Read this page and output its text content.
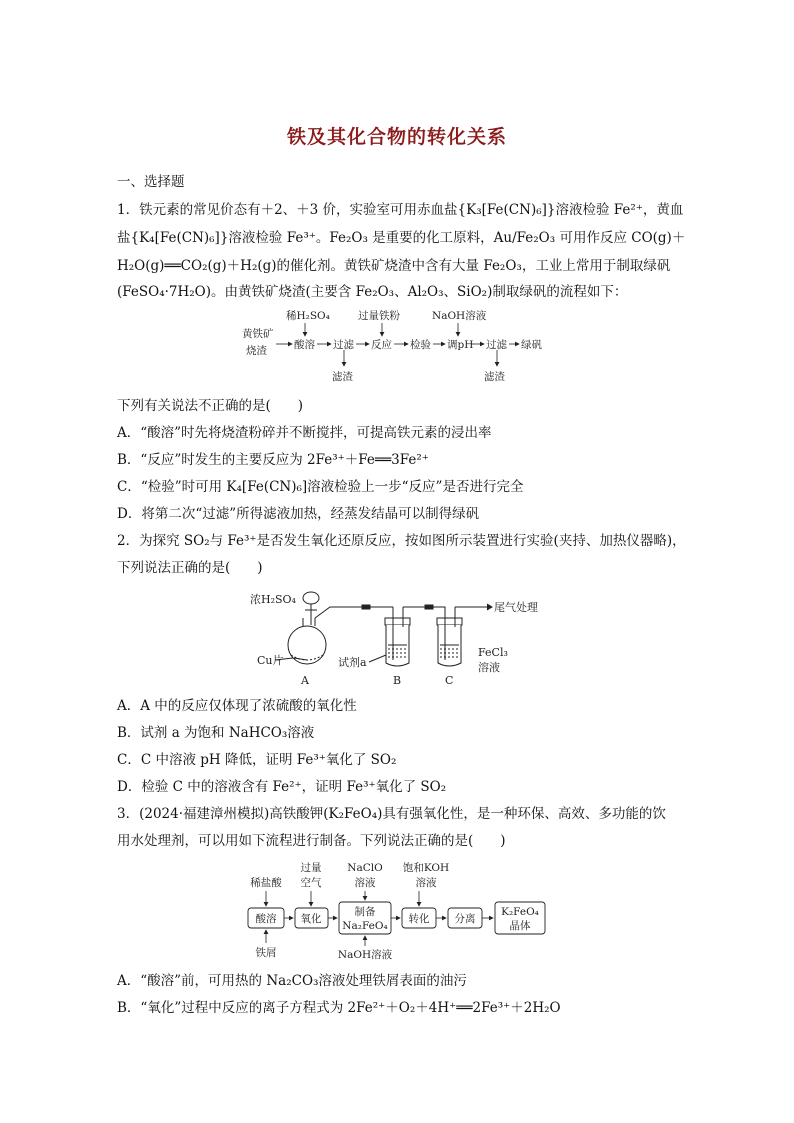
铁及其化合物的转化关系
一、选择题
1．铁元素的常见价态有＋2、＋3 价，实验室可用赤血盐{K₃[Fe(CN)₆]}溶液检验 Fe²⁺，黄血
盐{K₄[Fe(CN)₆]}溶液检验 Fe³⁺。Fe₂O₃ 是重要的化工原料，Au/Fe₂O₃ 可用作反应 CO(g)＋
H₂O(g)══CO₂(g)＋H₂(g)的催化剂。黄铁矿烧渣中含有大量 Fe₂O₃，工业上常用于制取绿矾
(FeSO₄·7H₂O)。由黄铁矿烧渣(主要含 Fe₂O₃、Al₂O₃、SiO₂)制取绿矾的流程如下：
黄铁矿
烧渣	酸溶 过滤 反应 检验 调pH 过滤 绿矾
稀H₂SO₄	过量铁粉	NaOH溶液
滤渣	滤渣
下列有关说法不正确的是(　　)
A．“酸溶”时先将烧渣粉碎并不断搅拌，可提高铁元素的浸出率
B．“反应”时发生的主要反应为 2Fe³⁺＋Fe══3Fe²⁺
C．“检验”时可用 K₄[Fe(CN)₆]溶液检验上一步“反应”是否进行完全
D．将第二次“过滤”所得滤液加热，经蒸发结晶可以制得绿矾
2．为探究 SO₂与 Fe³⁺是否发生氧化还原反应，按如图所示装置进行实验(夹持、加热仪器略)，
下列说法正确的是(　　)
浓H₂SO₄
Cu片	试剂a
尾气处理
FeCl₃
溶液
A	B	C
A．A 中的反应仅体现了浓硫酸的氧化性
B．试剂 a 为饱和 NaHCO₃溶液
C．C 中溶液 pH 降低，证明 Fe³⁺氧化了 SO₂
D．检验 C 中的溶液含有 Fe²⁺，证明 Fe³⁺氧化了 SO₂
3．(2024·福建漳州模拟)高铁酸钾(K₂FeO₄)具有强氧化性，是一种环保、高效、多功能的饮
用水处理剂，可以用如下流程进行制备。下列说法正确的是(　　)
酸溶 氧化
制备
Na₂FeO₄
转化 分离
K₂FeO₄
晶体
稀盐酸
过量
空气
NaClO
溶液
饱和KOH
溶液
铁屑	NaOH溶液
A．“酸溶”前，可用热的 Na₂CO₃溶液处理铁屑表面的油污
B．“氧化”过程中反应的离子方程式为 2Fe²⁺＋O₂＋4H⁺══2Fe³⁺＋2H₂O
